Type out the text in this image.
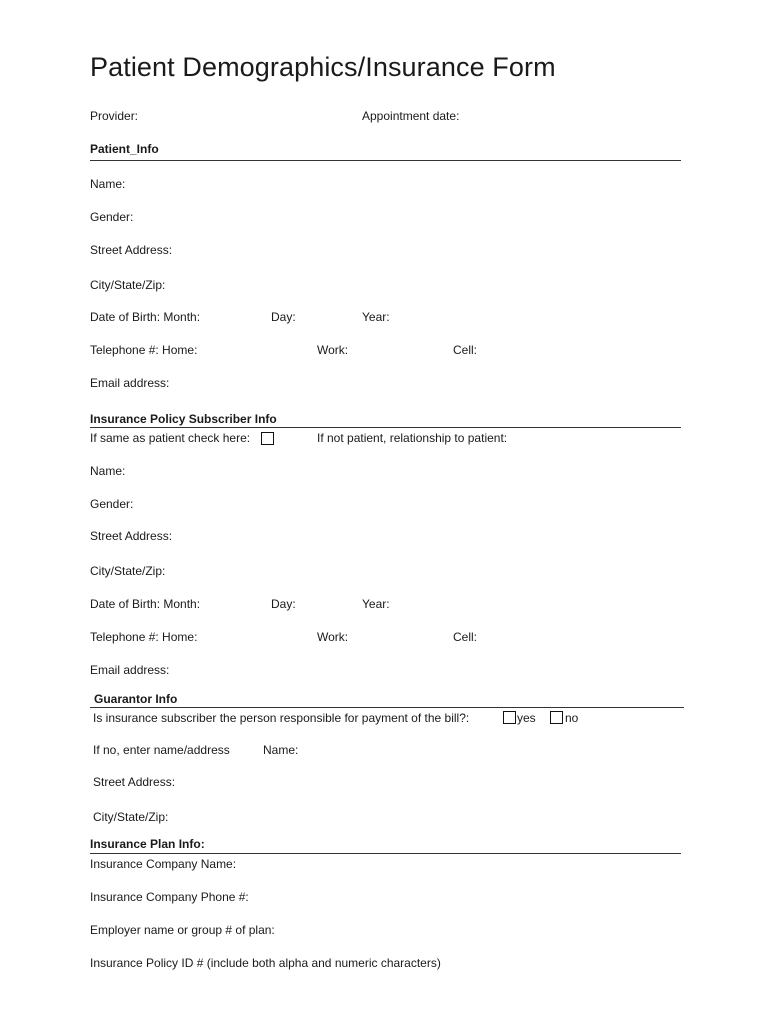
Patient Demographics/Insurance Form
Provider:	Appointment date:
Patient_Info
Name:
Gender:
Street Address:
City/State/Zip:
Date of Birth: Month:	Day:	Year:
Telephone #: Home:	Work:	Cell:
Email address:
Insurance Policy Subscriber Info
If same as patient check here:	If not patient, relationship to patient:
Name:
Gender:
Street Address:
City/State/Zip:
Date of Birth: Month:	Day:	Year:
Telephone #: Home:	Work:	Cell:
Email address:
Guarantor Info
Is insurance subscriber the person responsible for payment of the bill?:	yes no
If no, enter name/address	Name:
Street Address:
City/State/Zip:
Insurance Plan Info:
Insurance Company Name:
Insurance Company Phone #:
Employer name or group # of plan:
Insurance Policy ID # (include both alpha and numeric characters)
